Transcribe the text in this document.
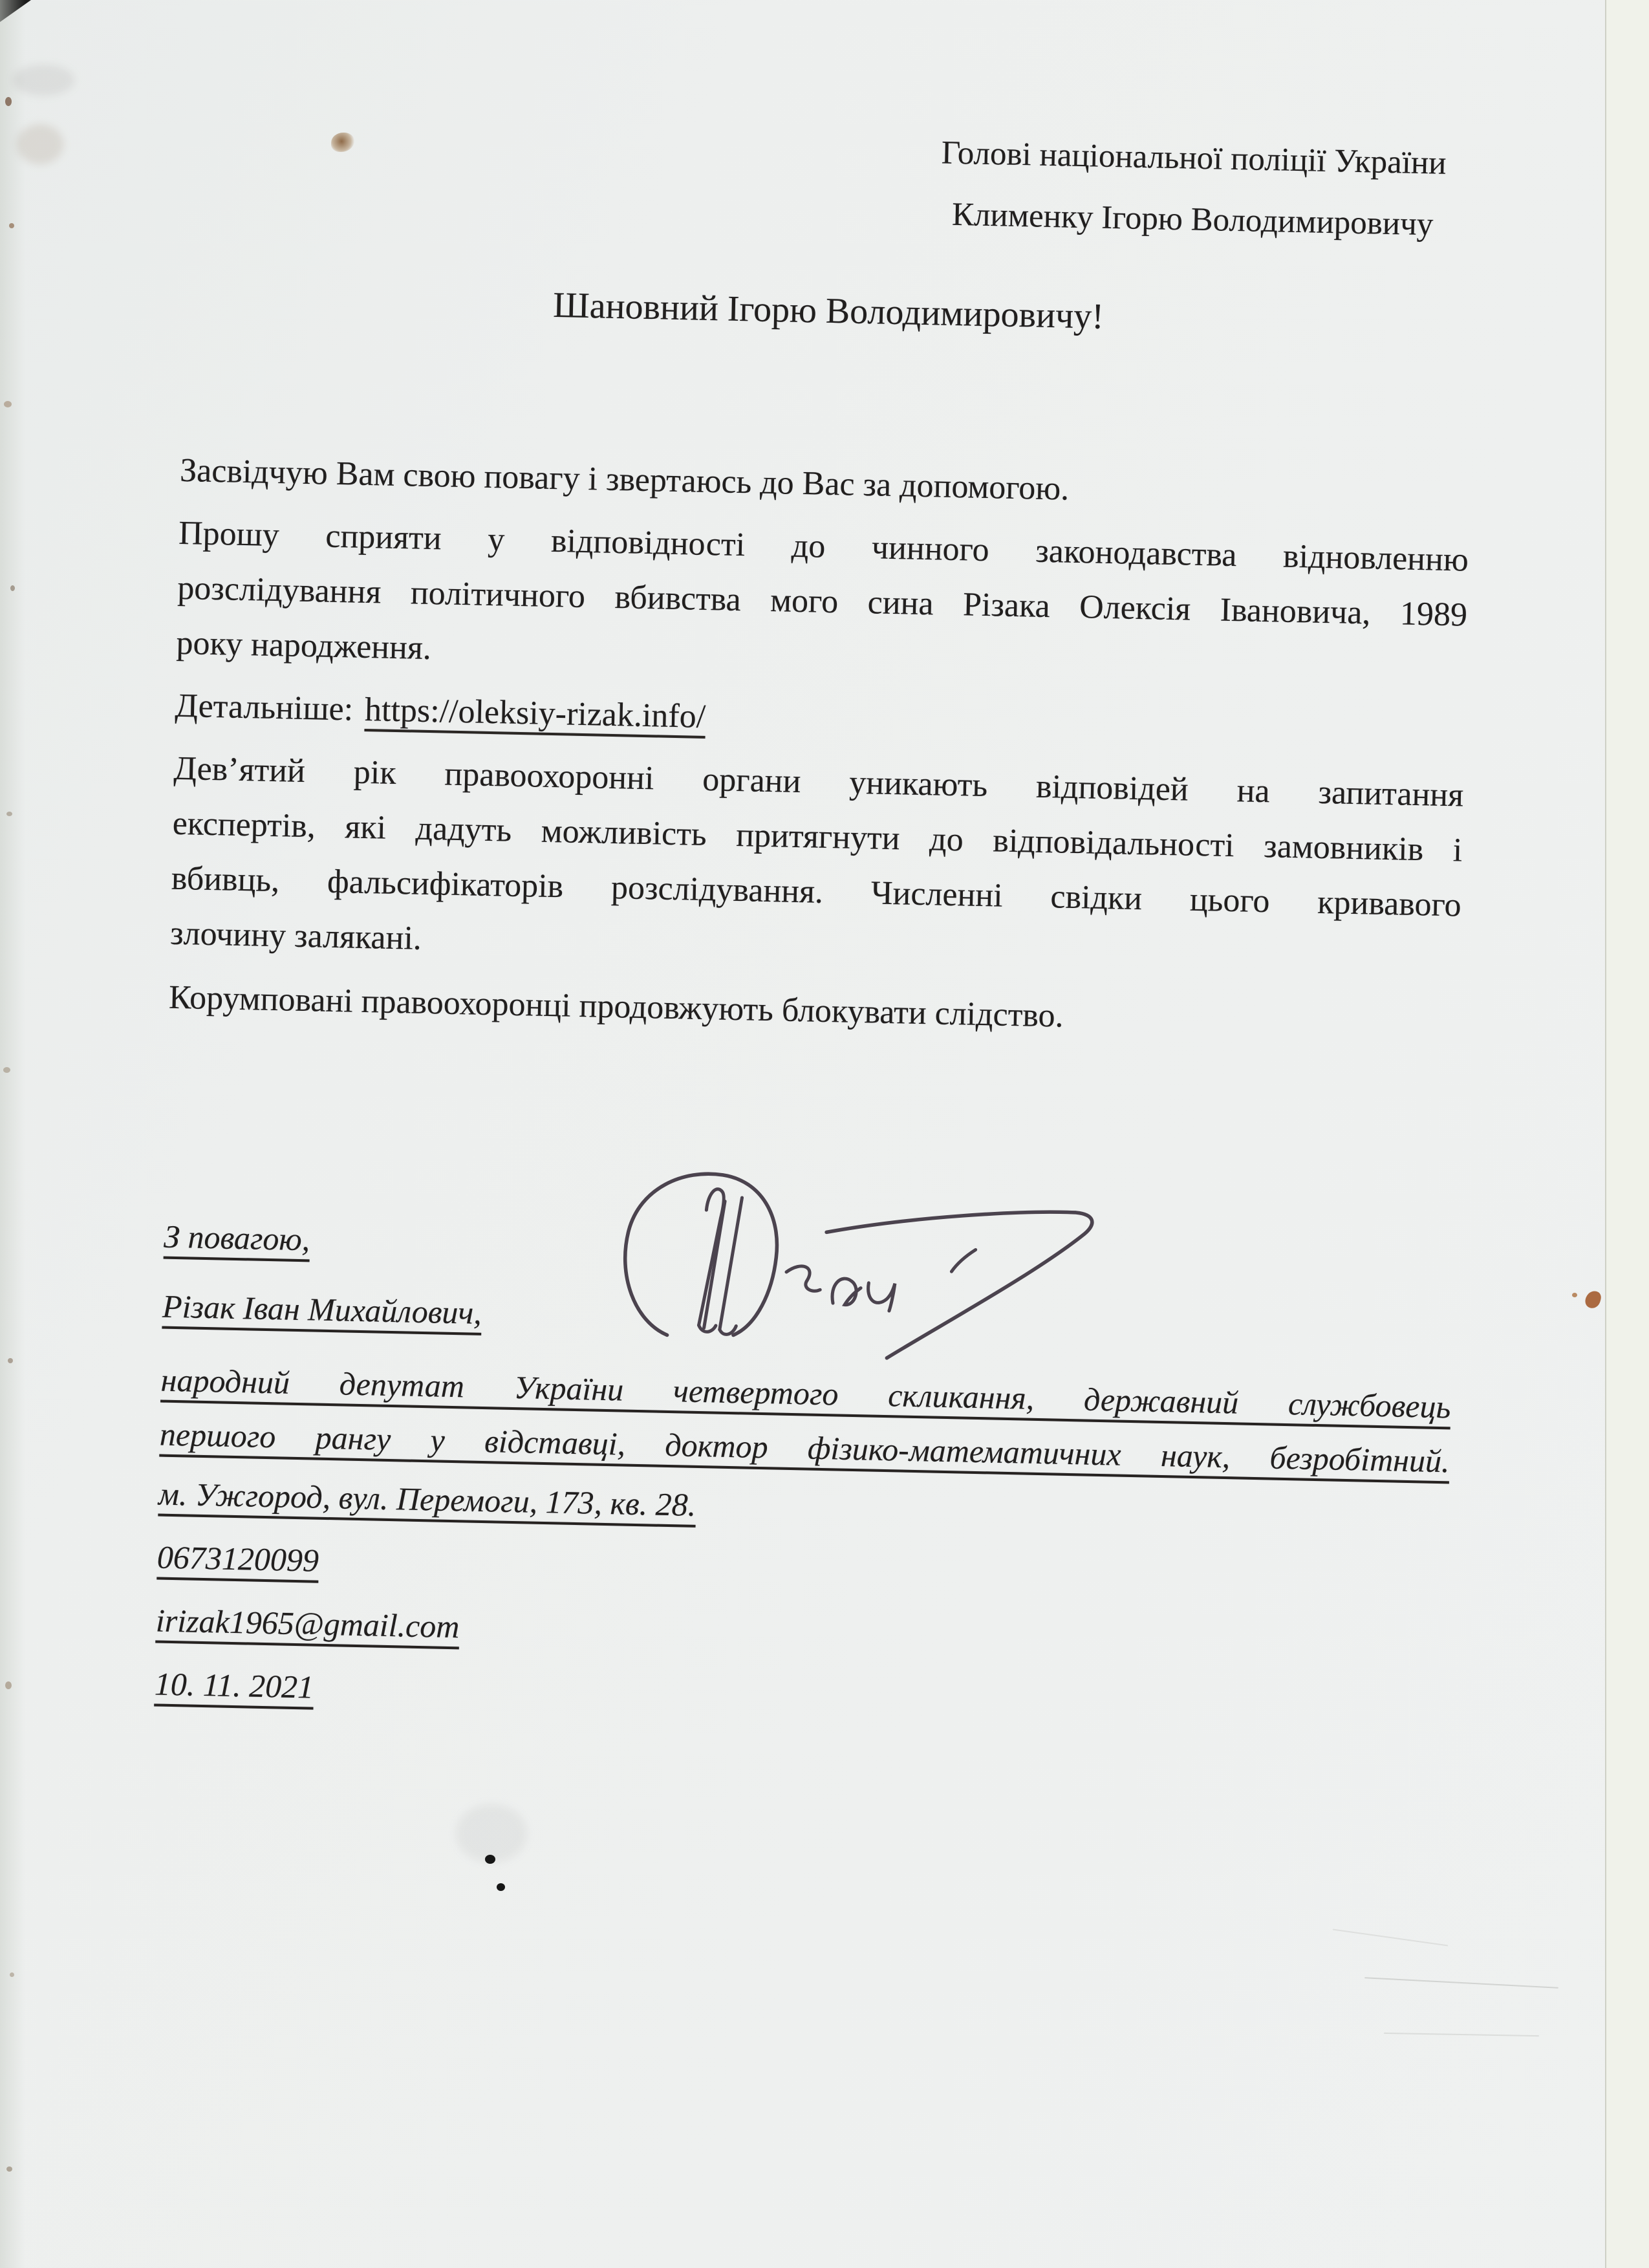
Голові національної поліції України
Клименку Ігорю Володимировичу
Шановний Ігорю Володимировичу!

Засвідчую Вам свою повагу і звертаюсь до Вас за допомогою.

Прошу сприяти у відповідності до чинного законодавства відновленню
розслідування політичного вбивства мого сина Різака Олексія Івановича, 1989
року народження.
Детальніше: https://oleksiy-rizak.info/
Дев’ятий рік правоохоронні органи уникають відповідей на запитання
експертів, які дадуть можливість притягнути до відповідальності замовників і
вбивць, фальсифікаторів розслідування. Численні свідки цього кривавого
злочину залякані.

Корумповані правоохоронці продовжують блокувати слідство.

З повагою,
Різак Іван Михайлович,
народний депутат України четвертого скликання, державний службовець
першого рангу у відставці, доктор фізико-математичних наук, безробітний.
м. Ужгород, вул. Перемоги, 173, кв. 28.
0673120099
irizak1965@gmail.com
10. 11. 2021
